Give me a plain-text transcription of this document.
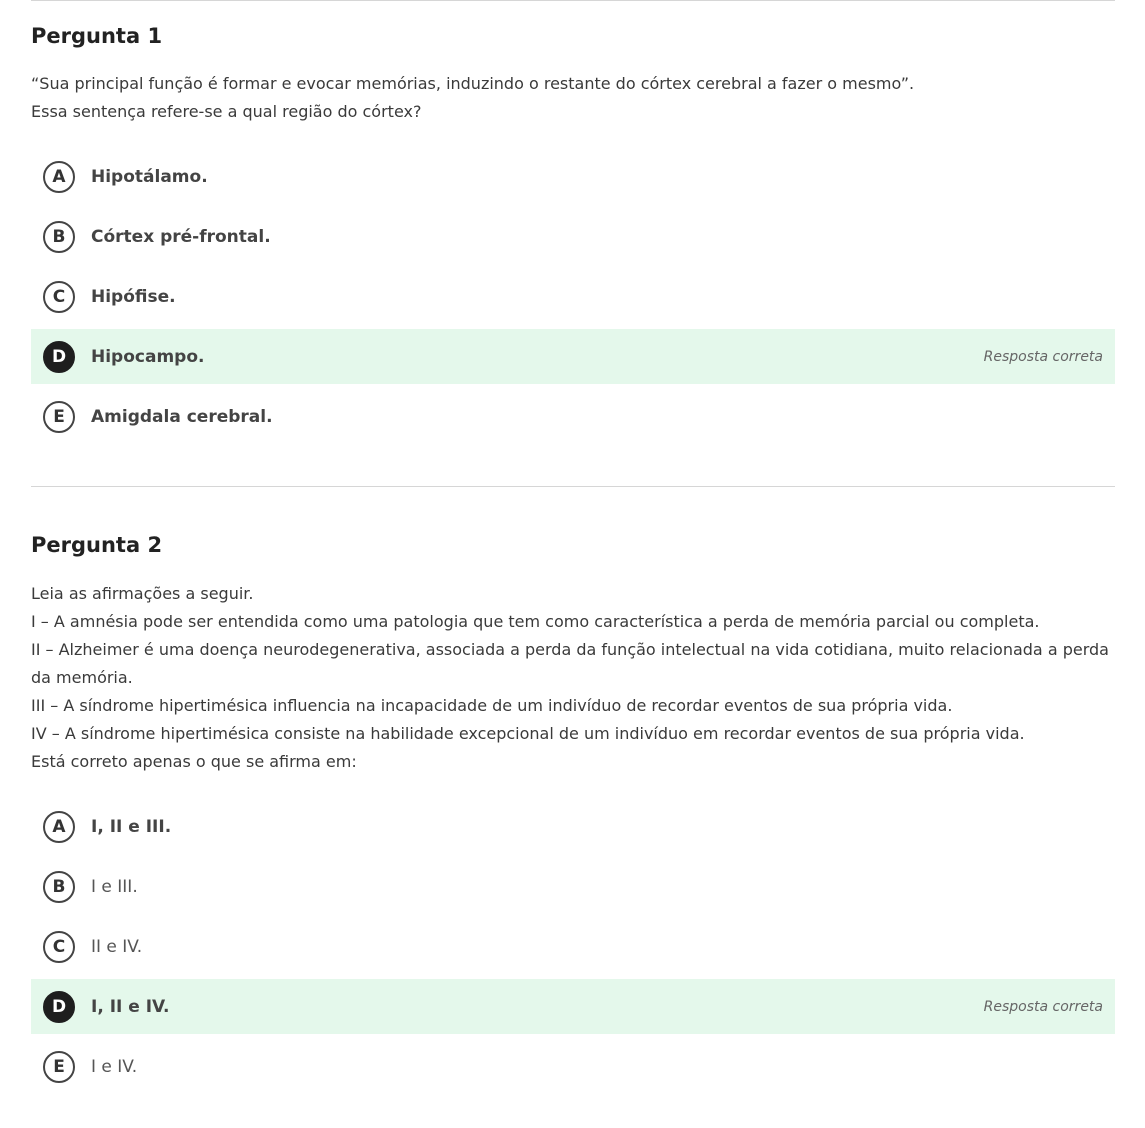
Pergunta 1

“Sua principal função é formar e evocar memórias, induzindo o restante do córtex cerebral a fazer o mesmo”.

Essa sentença refere-se a qual região do córtex?

A	Hipotálamo.
B	Córtex pré-frontal.
C	Hipófise.
D	Hipocampo.	Resposta correta
E	Amigdala cerebral.
Pergunta 2

Leia as afirmações a seguir.

I – A amnésia pode ser entendida como uma patologia que tem como característica a perda de memória parcial ou completa.

II – Alzheimer é uma doença neurodegenerativa, associada a perda da função intelectual na vida cotidiana, muito relacionada a perda da memória.

III – A síndrome hipertimésica influencia na incapacidade de um indivíduo de recordar eventos de sua própria vida.

IV – A síndrome hipertimésica consiste na habilidade excepcional de um indivíduo em recordar eventos de sua própria vida.

Está correto apenas o que se afirma em:

A	I, II e III.
B	I e III.
C	II e IV.
D	I, II e IV.	Resposta correta
E	I e IV.
